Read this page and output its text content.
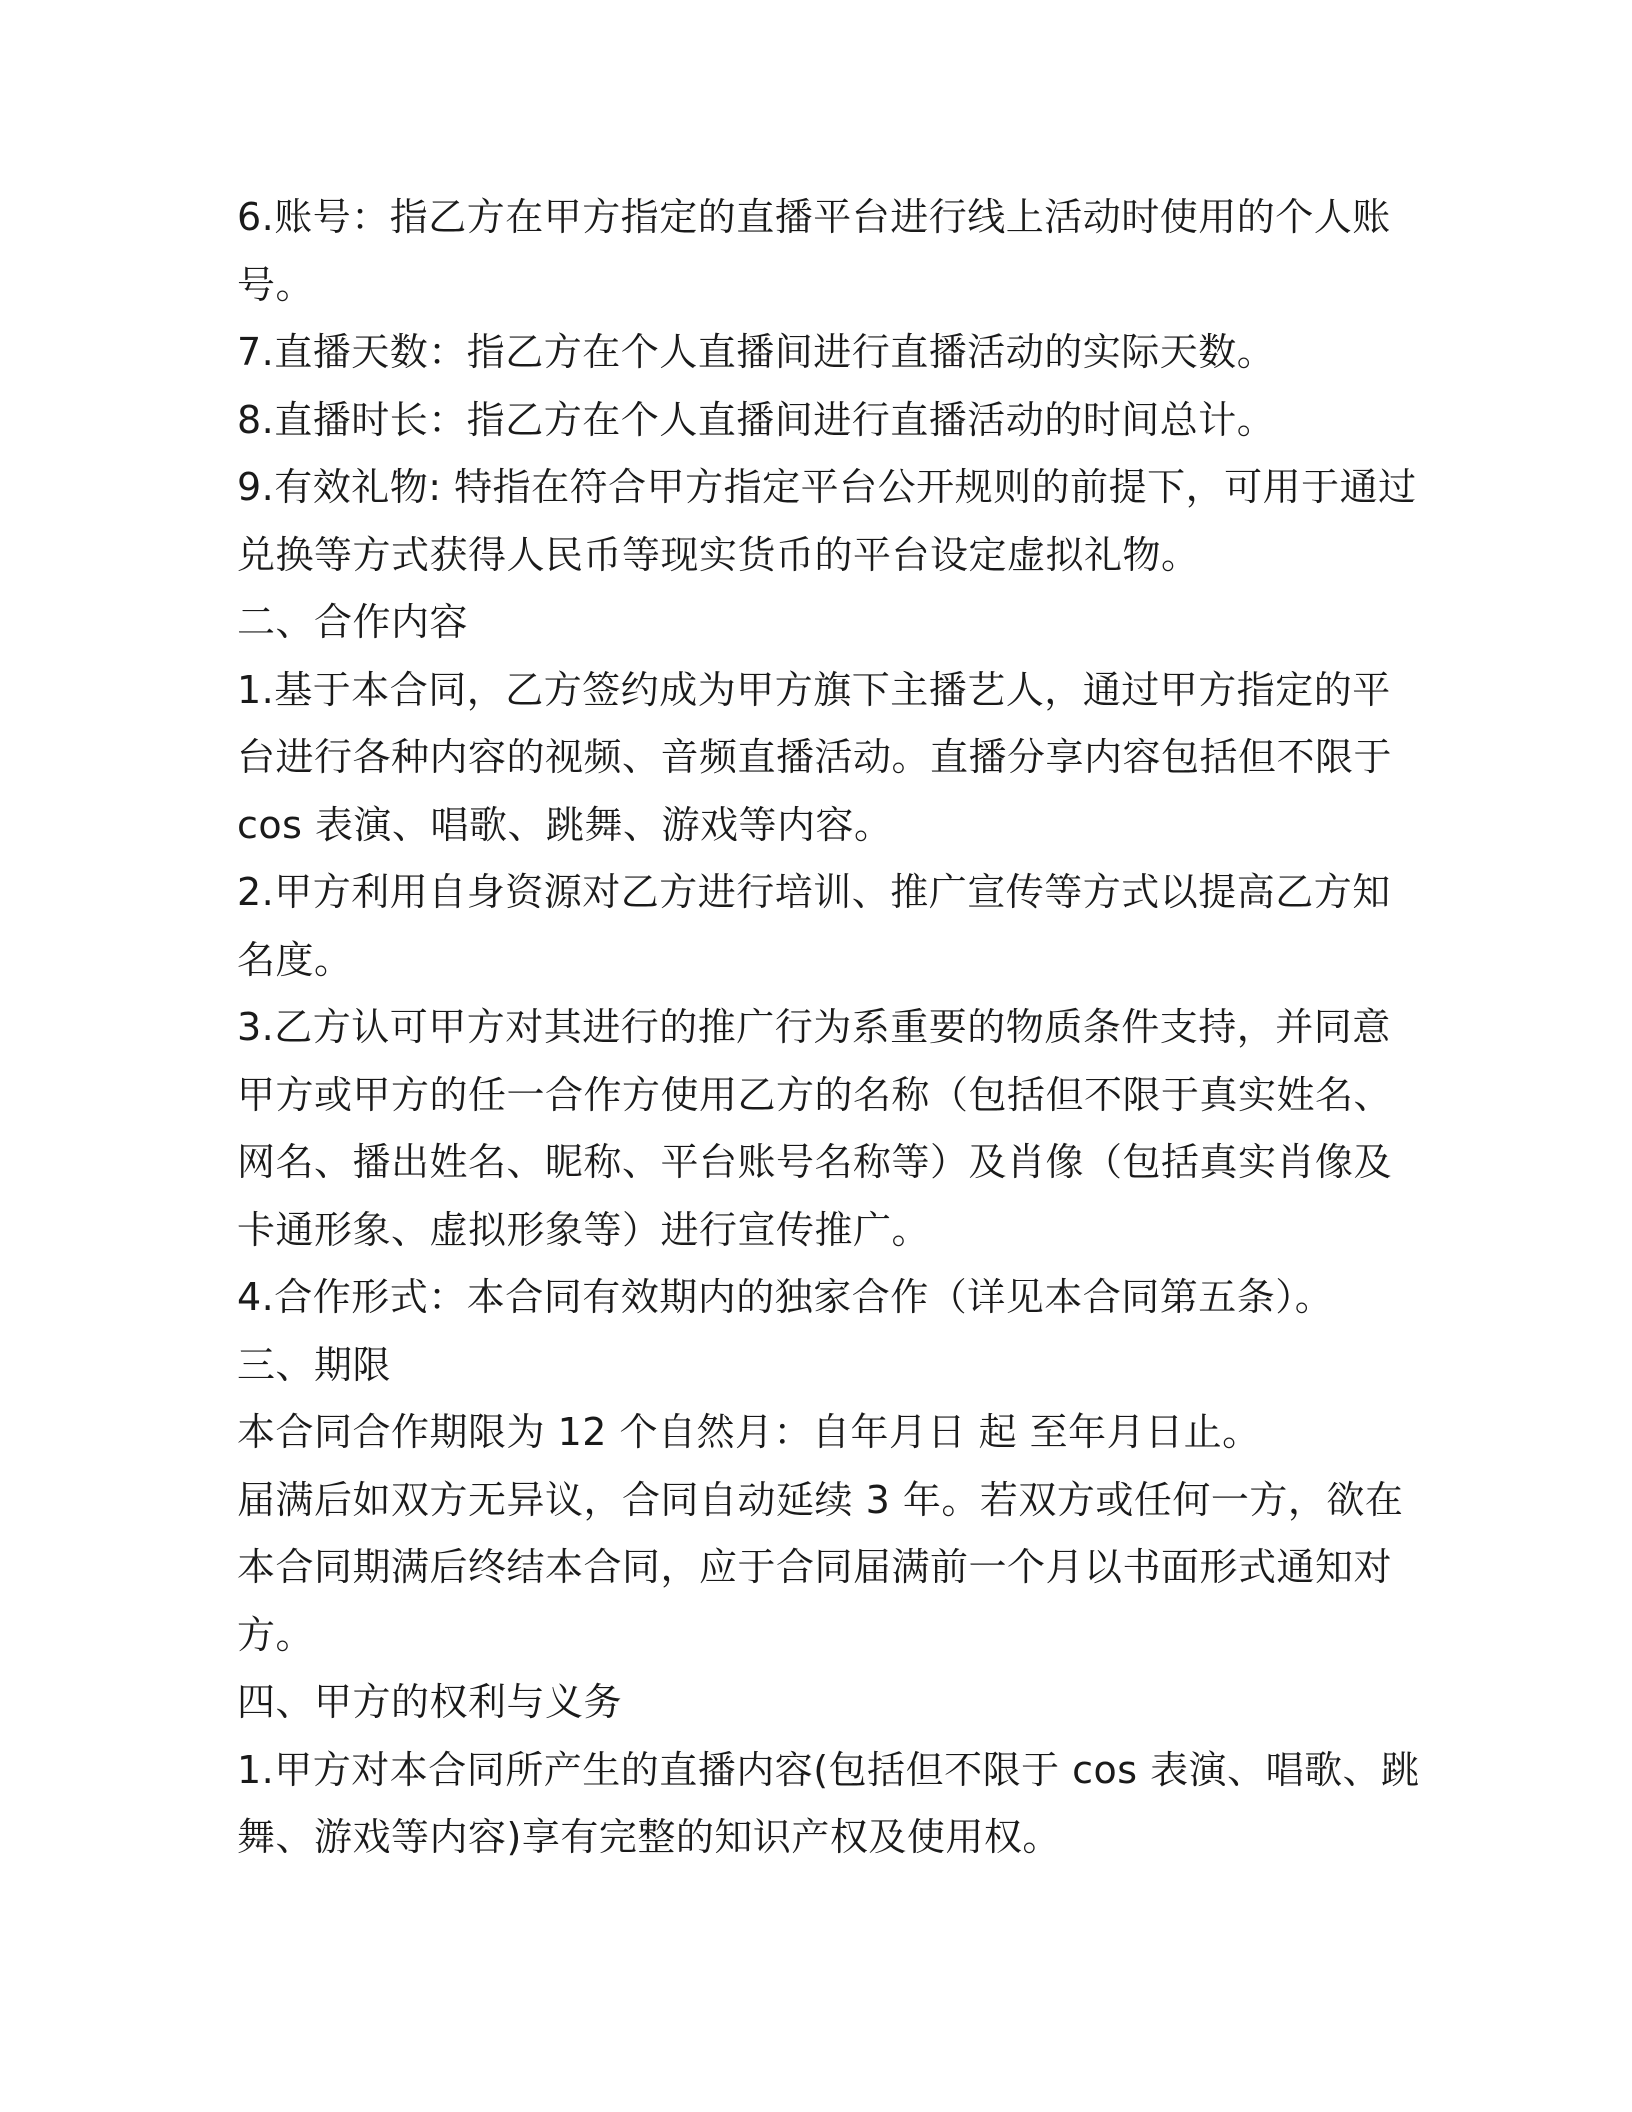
6.账号：指乙方在甲方指定的直播平台进行线上活动时使用的个人账
号。

7.直播天数：指乙方在个人直播间进行直播活动的实际天数。

8.直播时长：指乙方在个人直播间进行直播活动的时间总计。

9.有效礼物: 特指在符合甲方指定平台公开规则的前提下，可用于通过
兑换等方式获得人民币等现实货币的平台设定虚拟礼物。

二、合作内容

1.基于本合同，乙方签约成为甲方旗下主播艺人，通过甲方指定的平
台进行各种内容的视频、音频直播活动。直播分享内容包括但不限于
cos 表演、唱歌、跳舞、游戏等内容。

2.甲方利用自身资源对乙方进行培训、推广宣传等方式以提高乙方知
名度。

3.乙方认可甲方对其进行的推广行为系重要的物质条件支持，并同意
甲方或甲方的任一合作方使用乙方的名称（包括但不限于真实姓名、
网名、播出姓名、昵称、平台账号名称等）及肖像（包括真实肖像及
卡通形象、虚拟形象等）进行宣传推广。

4.合作形式：本合同有效期内的独家合作（详见本合同第五条）。

三、期限

本合同合作期限为 12 个自然月：自年月日 起 至年月日止。

届满后如双方无异议，合同自动延续 3 年。若双方或任何一方，欲在
本合同期满后终结本合同，应于合同届满前一个月以书面形式通知对
方。

四、甲方的权利与义务

1.甲方对本合同所产生的直播内容(包括但不限于 cos 表演、唱歌、跳
舞、游戏等内容)享有完整的知识产权及使用权。
